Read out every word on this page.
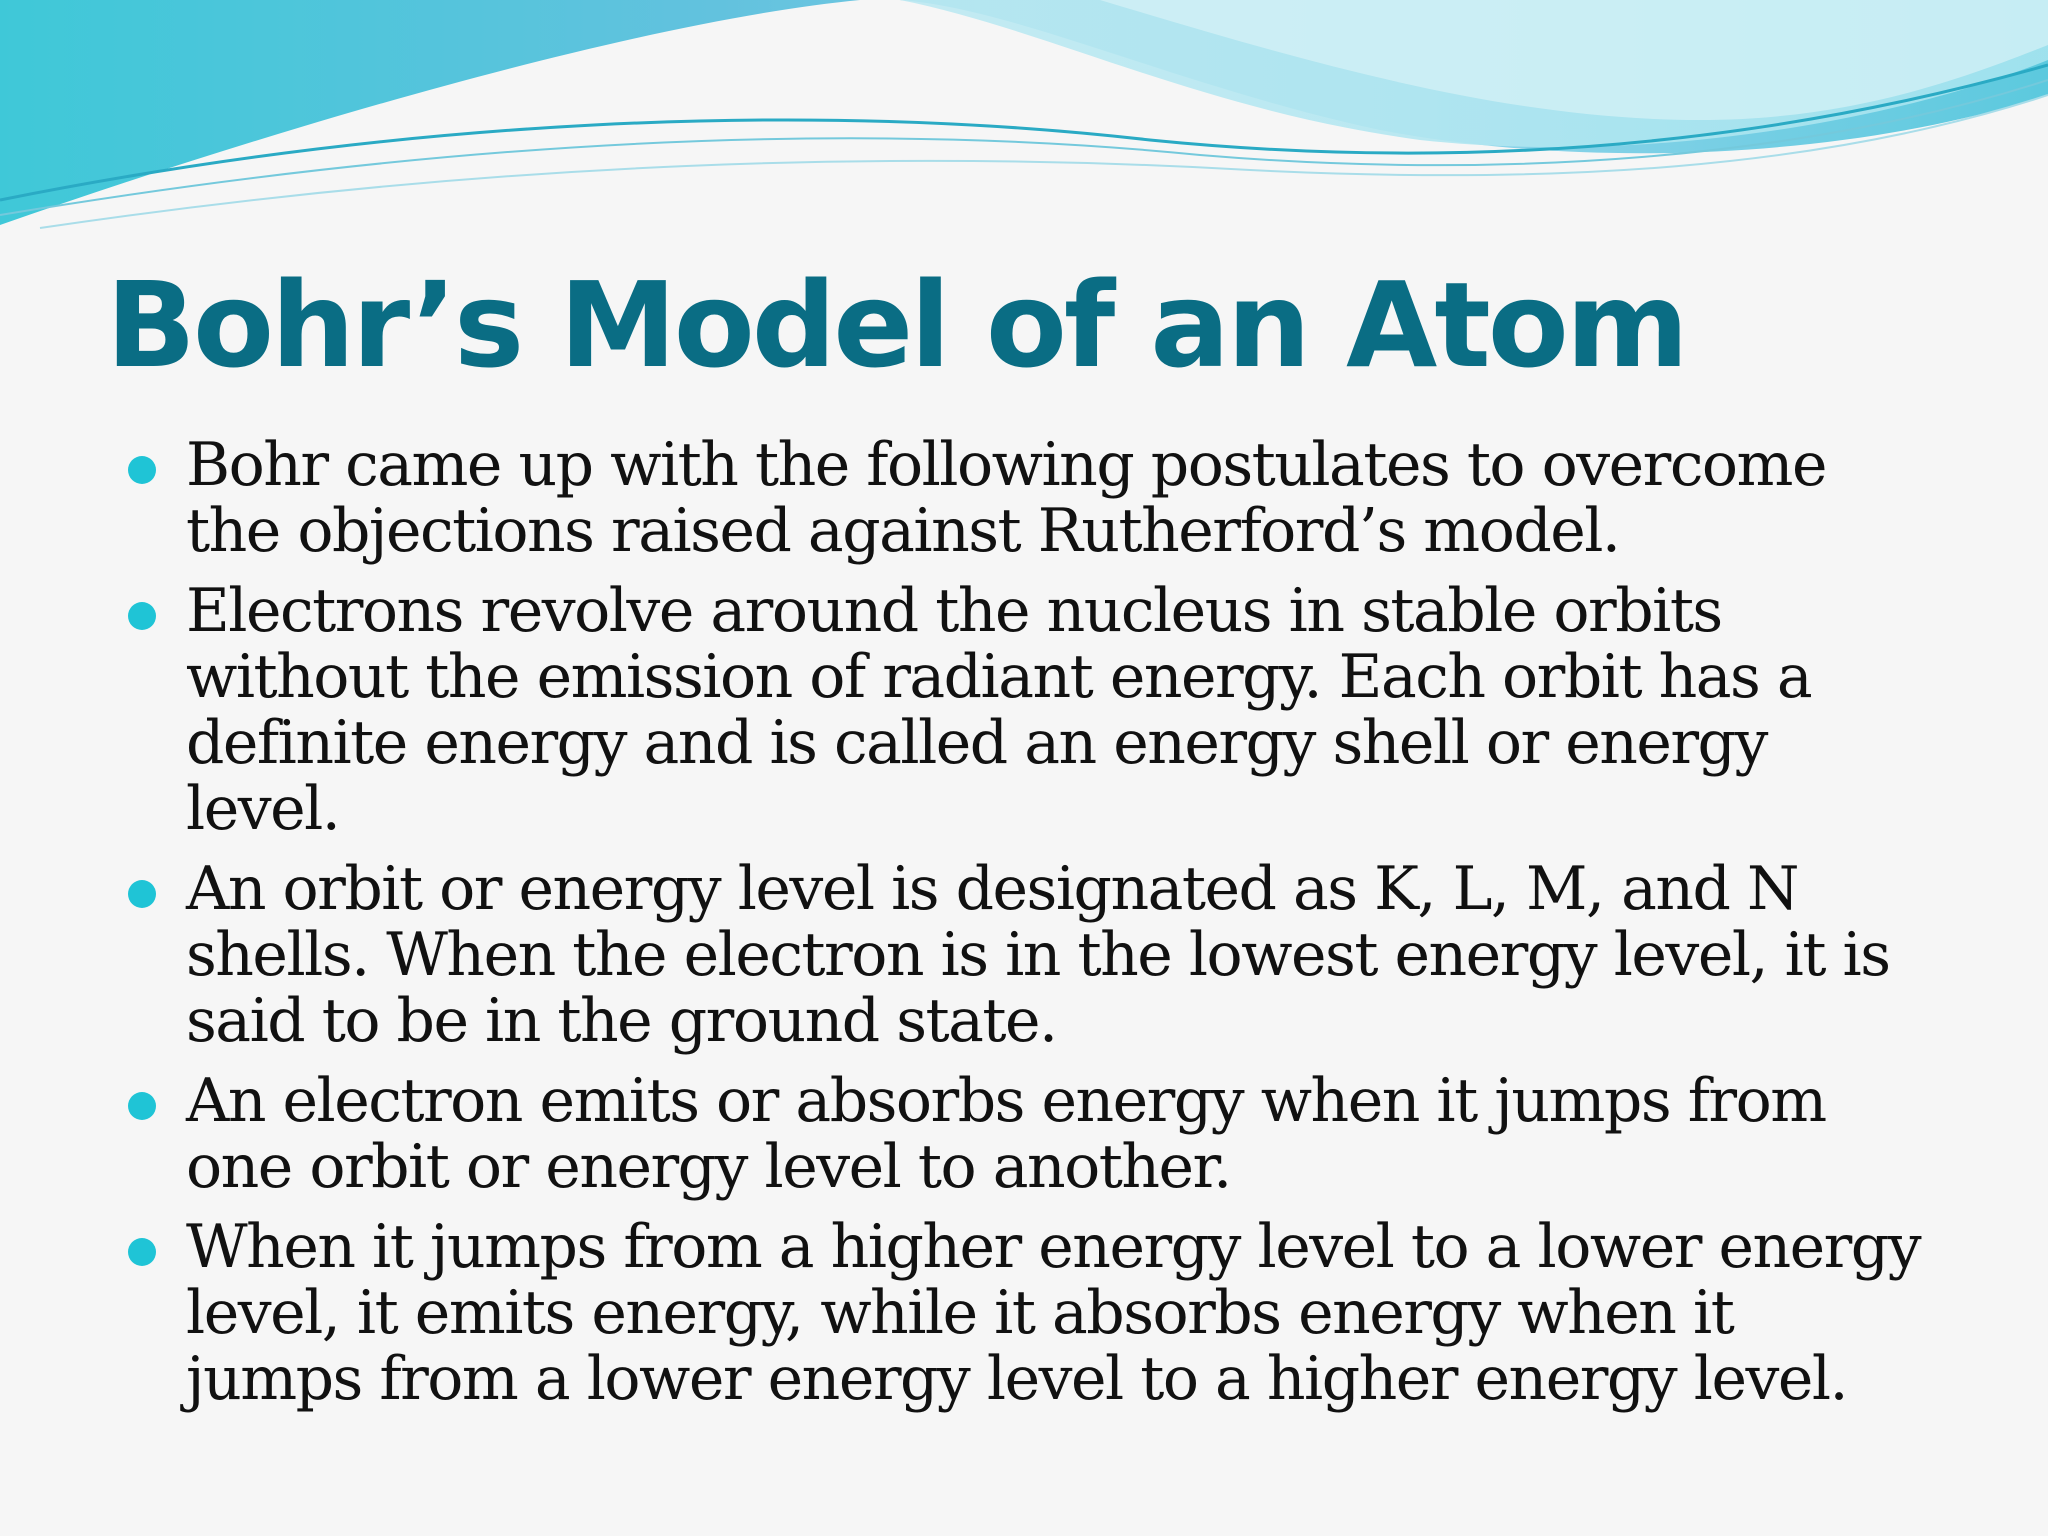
Bohr’s Model of an Atom
Bohr came up with the following postulates to overcome the objections raised against Rutherford’s model.
Electrons revolve around the nucleus in stable orbits without the emission of radiant energy. Each orbit has a definite energy and is called an energy shell or energy level.
An orbit or energy level is designated as K, L, M, and N shells. When the electron is in the lowest energy level, it is said to be in the ground state.
An electron emits or absorbs energy when it jumps from one orbit or energy level to another.
When it jumps from a higher energy level to a lower energy level, it emits energy, while it absorbs energy when it jumps from a lower energy level to a higher energy level.
